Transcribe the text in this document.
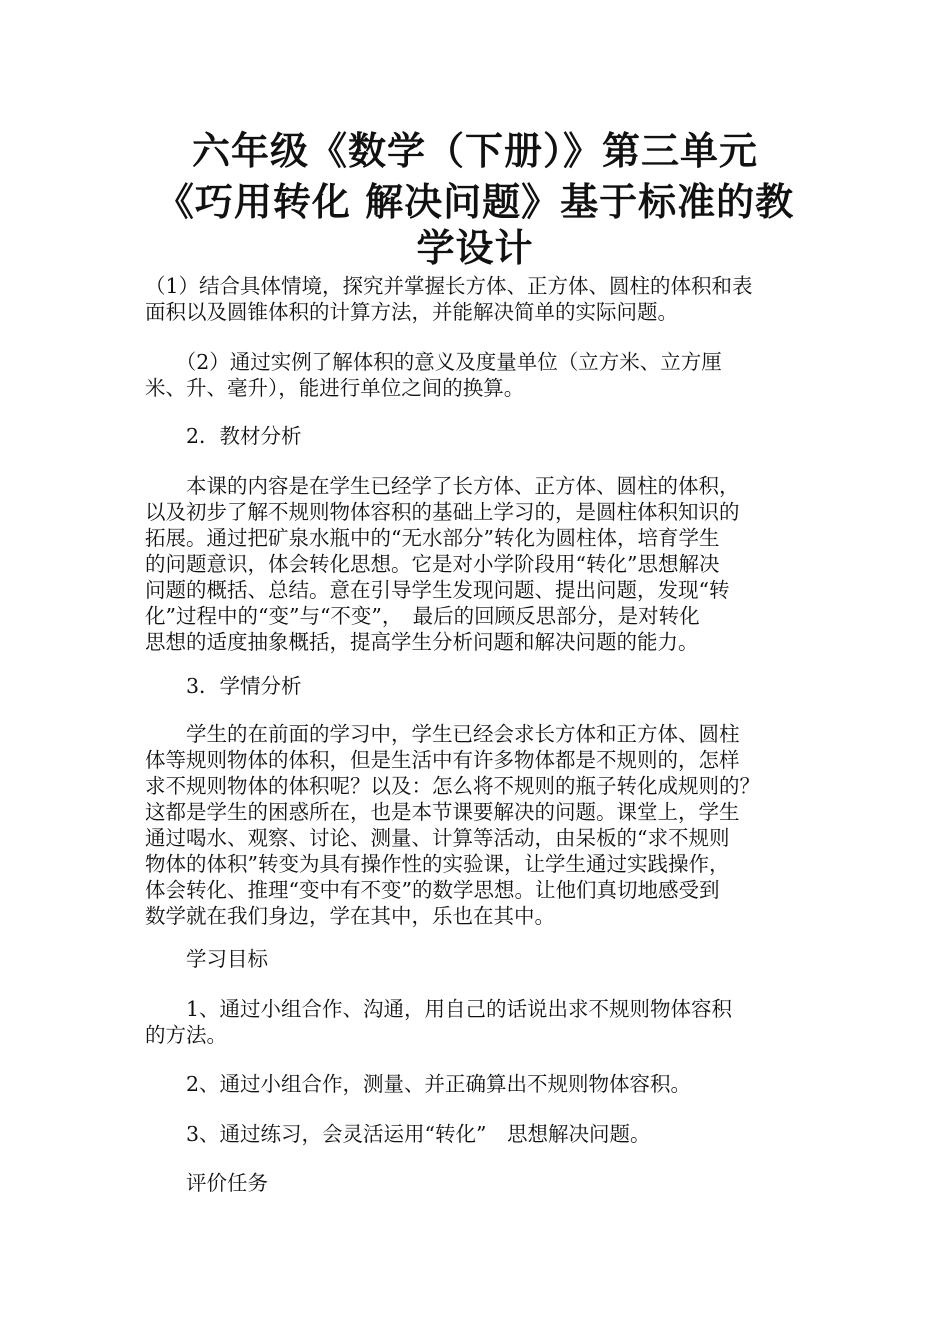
六年级《数学（下册）》第三单元
《巧用转化 解决问题》基于标准的教
学设计

（1）结合具体情境，探究并掌握长方体、正方体、圆柱的体积和表
面积以及圆锥体积的计算方法，并能解决简单的实际问题。

　　（2）通过实例了解体积的意义及度量单位（立方米、立方厘
米、升、毫升），能进行单位之间的换算。

　　2．教材分析

　　本课的内容是在学生已经学了长方体、正方体、圆柱的体积，
以及初步了解不规则物体容积的基础上学习的，是圆柱体积知识的
拓展。通过把矿泉水瓶中的“无水部分”转化为圆柱体，培育学生
的问题意识，体会转化思想。它是对小学阶段用“转化”思想解决
问题的概括、总结。意在引导学生发现问题、提出问题，发现“转
化”过程中的“变”与“不变”，　最后的回顾反思部分，是对转化
思想的适度抽象概括，提高学生分析问题和解决问题的能力。

　　3．学情分析

　　学生的在前面的学习中，学生已经会求长方体和正方体、圆柱
体等规则物体的体积，但是生活中有许多物体都是不规则的，怎样
求不规则物体的体积呢？以及：怎么将不规则的瓶子转化成规则的？
这都是学生的困惑所在，也是本节课要解决的问题。课堂上，学生
通过喝水、观察、讨论、测量、计算等活动，由呆板的“求不规则
物体的体积”转变为具有操作性的实验课，让学生通过实践操作，
体会转化、推理“变中有不变”的数学思想。让他们真切地感受到
数学就在我们身边，学在其中，乐也在其中。

　　学习目标

　　1、通过小组合作、沟通，用自己的话说出求不规则物体容积
的方法。

　　2、通过小组合作，测量、并正确算出不规则物体容积。

　　3、通过练习，会灵活运用“转化”　思想解决问题。

　　评价任务
